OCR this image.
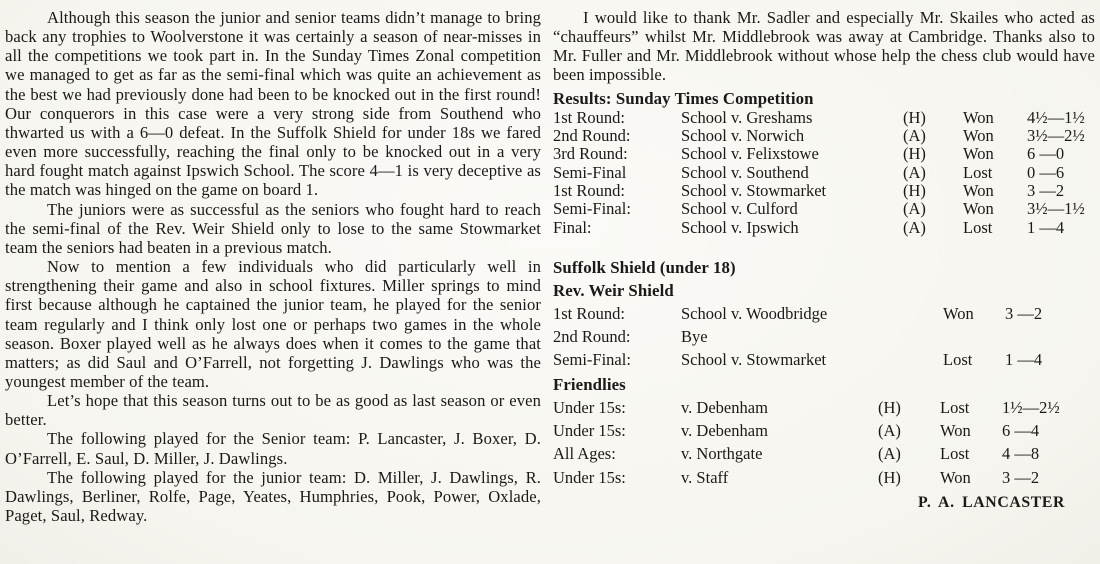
Although this season the junior and senior teams didn’t manage to bring back any trophies to Woolverstone it was certainly a season of near-misses in all the competitions we took part in. In the Sunday Times Zonal competition we managed to get as far as the semi-final which was quite an achievement as the best we had previously done had been to be knocked out in the first round! Our conquerors in this case were a very strong side from Southend who thwarted us with a 6—0 defeat. In the Suffolk Shield for under 18s we fared even more successfully, reaching the final only to be knocked out in a very hard fought match against Ipswich School. The score 4—1 is very deceptive as the match was hinged on the game on board 1.

The juniors were as successful as the seniors who fought hard to reach the semi-final of the Rev. Weir Shield only to lose to the same Stowmarket team the seniors had beaten in a previous match.

Now to mention a few individuals who did particularly well in strengthening their game and also in school fixtures. Miller springs to mind first because although he captained the junior team, he played for the senior team regularly and I think only lost one or perhaps two games in the whole season. Boxer played well as he always does when it comes to the game that matters; as did Saul and O’Farrell, not forgetting J. Dawlings who was the youngest member of the team.

Let’s hope that this season turns out to be as good as last season or even better.

The following played for the Senior team: P. Lancaster, J. Boxer, D. O’Farrell, E. Saul, D. Miller, J. Dawlings.

The following played for the junior team: D. Miller, J. Dawlings, R. Dawlings, Berliner, Rolfe, Page, Yeates, Humphries, Pook, Power, Oxlade, Paget, Saul, Redway.

I would like to thank Mr. Sadler and especially Mr. Skailes who acted as “chauffeurs” whilst Mr. Middlebrook was away at Cambridge. Thanks also to Mr. Fuller and Mr. Middlebrook without whose help the chess club would have been impossible.

Results: Sunday Times Competition
1st Round:	School v. Greshams	(H)	Won	4½—1½
2nd Round:	School v. Norwich	(A)	Won	3½—2½
3rd Round:	School v. Felixstowe	(H)	Won	6 —0
Semi-Final	School v. Southend	(A)	Lost	0 —6
1st Round:	School v. Stowmarket	(H)	Won	3 —2
Semi-Final:	School v. Culford	(A)	Won	3½—1½
Final:	School v. Ipswich	(A)	Lost	1 —4
Suffolk Shield (under 18)
Rev. Weir Shield
1st Round:	School v. Woodbridge	Won	3 —2
2nd Round:	Bye
Semi-Final:	School v. Stowmarket	Lost	1 —4
Friendlies
Under 15s:	v. Debenham	(H)	Lost	1½—2½
Under 15s:	v. Debenham	(A)	Won	6 —4
All Ages:	v. Northgate	(A)	Lost	4 —8
Under 15s:	v. Staff	(H)	Won	3 —2
P. A. LANCASTER
